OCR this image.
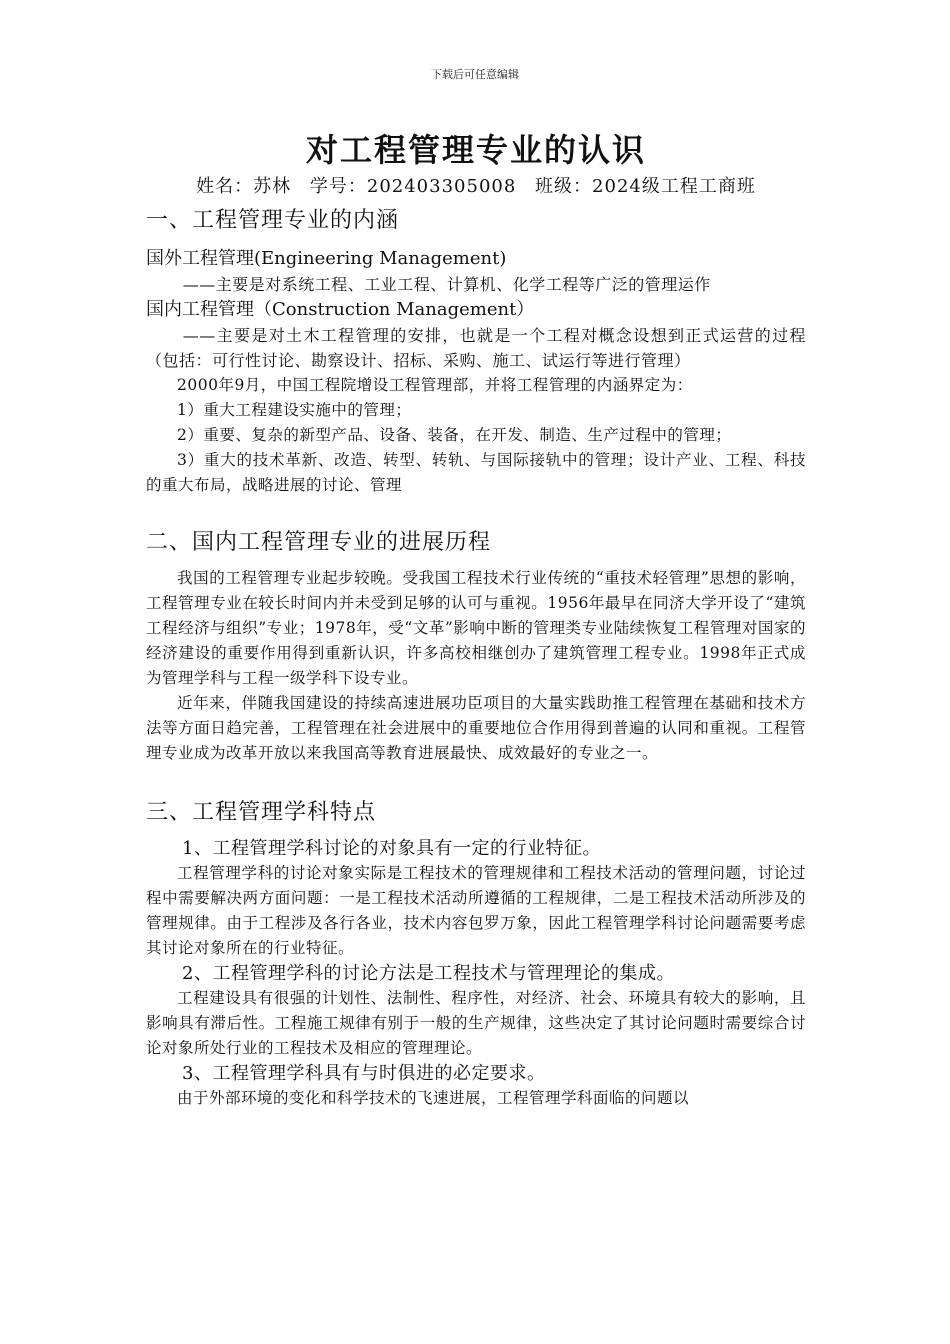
下载后可任意编辑
对工程管理专业的认识
姓名：苏林 学号：202403305008 班级：2024级工程工商班
一、工程管理专业的内涵
国外工程管理(Engineering Management)

——主要是对系统工程、工业工程、计算机、化学工程等广泛的管理运作

国内工程管理（Construction Management）

——主要是对土木工程管理的安排，也就是一个工程对概念设想到正式运营的过程（包括：可行性讨论、勘察设计、招标、采购、施工、试运行等进行管理）

2000年9月，中国工程院增设工程管理部，并将工程管理的内涵界定为：

1）重大工程建设实施中的管理；

2）重要、复杂的新型产品、设备、装备，在开发、制造、生产过程中的管理；

3）重大的技术革新、改造、转型、转轨、与国际接轨中的管理；设计产业、工程、科技的重大布局，战略进展的讨论、管理

二、国内工程管理专业的进展历程

我国的工程管理专业起步较晚。受我国工程技术行业传统的“重技术轻管理”思想的影响，工程管理专业在较长时间内并未受到足够的认可与重视。1956年最早在同济大学开设了“建筑工程经济与组织”专业；1978年，受“文革”影响中断的管理类专业陆续恢复工程管理对国家的经济建设的重要作用得到重新认识，许多高校相继创办了建筑管理工程专业。1998年正式成为管理学科与工程一级学科下设专业。

近年来，伴随我国建设的持续高速进展功臣项目的大量实践助推工程管理在基础和技术方法等方面日趋完善，工程管理在社会进展中的重要地位合作用得到普遍的认同和重视。工程管理专业成为改革开放以来我国高等教育进展最快、成效最好的专业之一。

三、工程管理学科特点

1、工程管理学科讨论的对象具有一定的行业特征。

工程管理学科的讨论对象实际是工程技术的管理规律和工程技术活动的管理问题，讨论过程中需要解决两方面问题：一是工程技术活动所遵循的工程规律，二是工程技术活动所涉及的管理规律。由于工程涉及各行各业，技术内容包罗万象，因此工程管理学科讨论问题需要考虑其讨论对象所在的行业特征。

2、工程管理学科的讨论方法是工程技术与管理理论的集成。

工程建设具有很强的计划性、法制性、程序性，对经济、社会、环境具有较大的影响，且影响具有滞后性。工程施工规律有别于一般的生产规律，这些决定了其讨论问题时需要综合讨论对象所处行业的工程技术及相应的管理理论。

3、工程管理学科具有与时俱进的必定要求。

由于外部环境的变化和科学技术的飞速进展，工程管理学科面临的问题以
